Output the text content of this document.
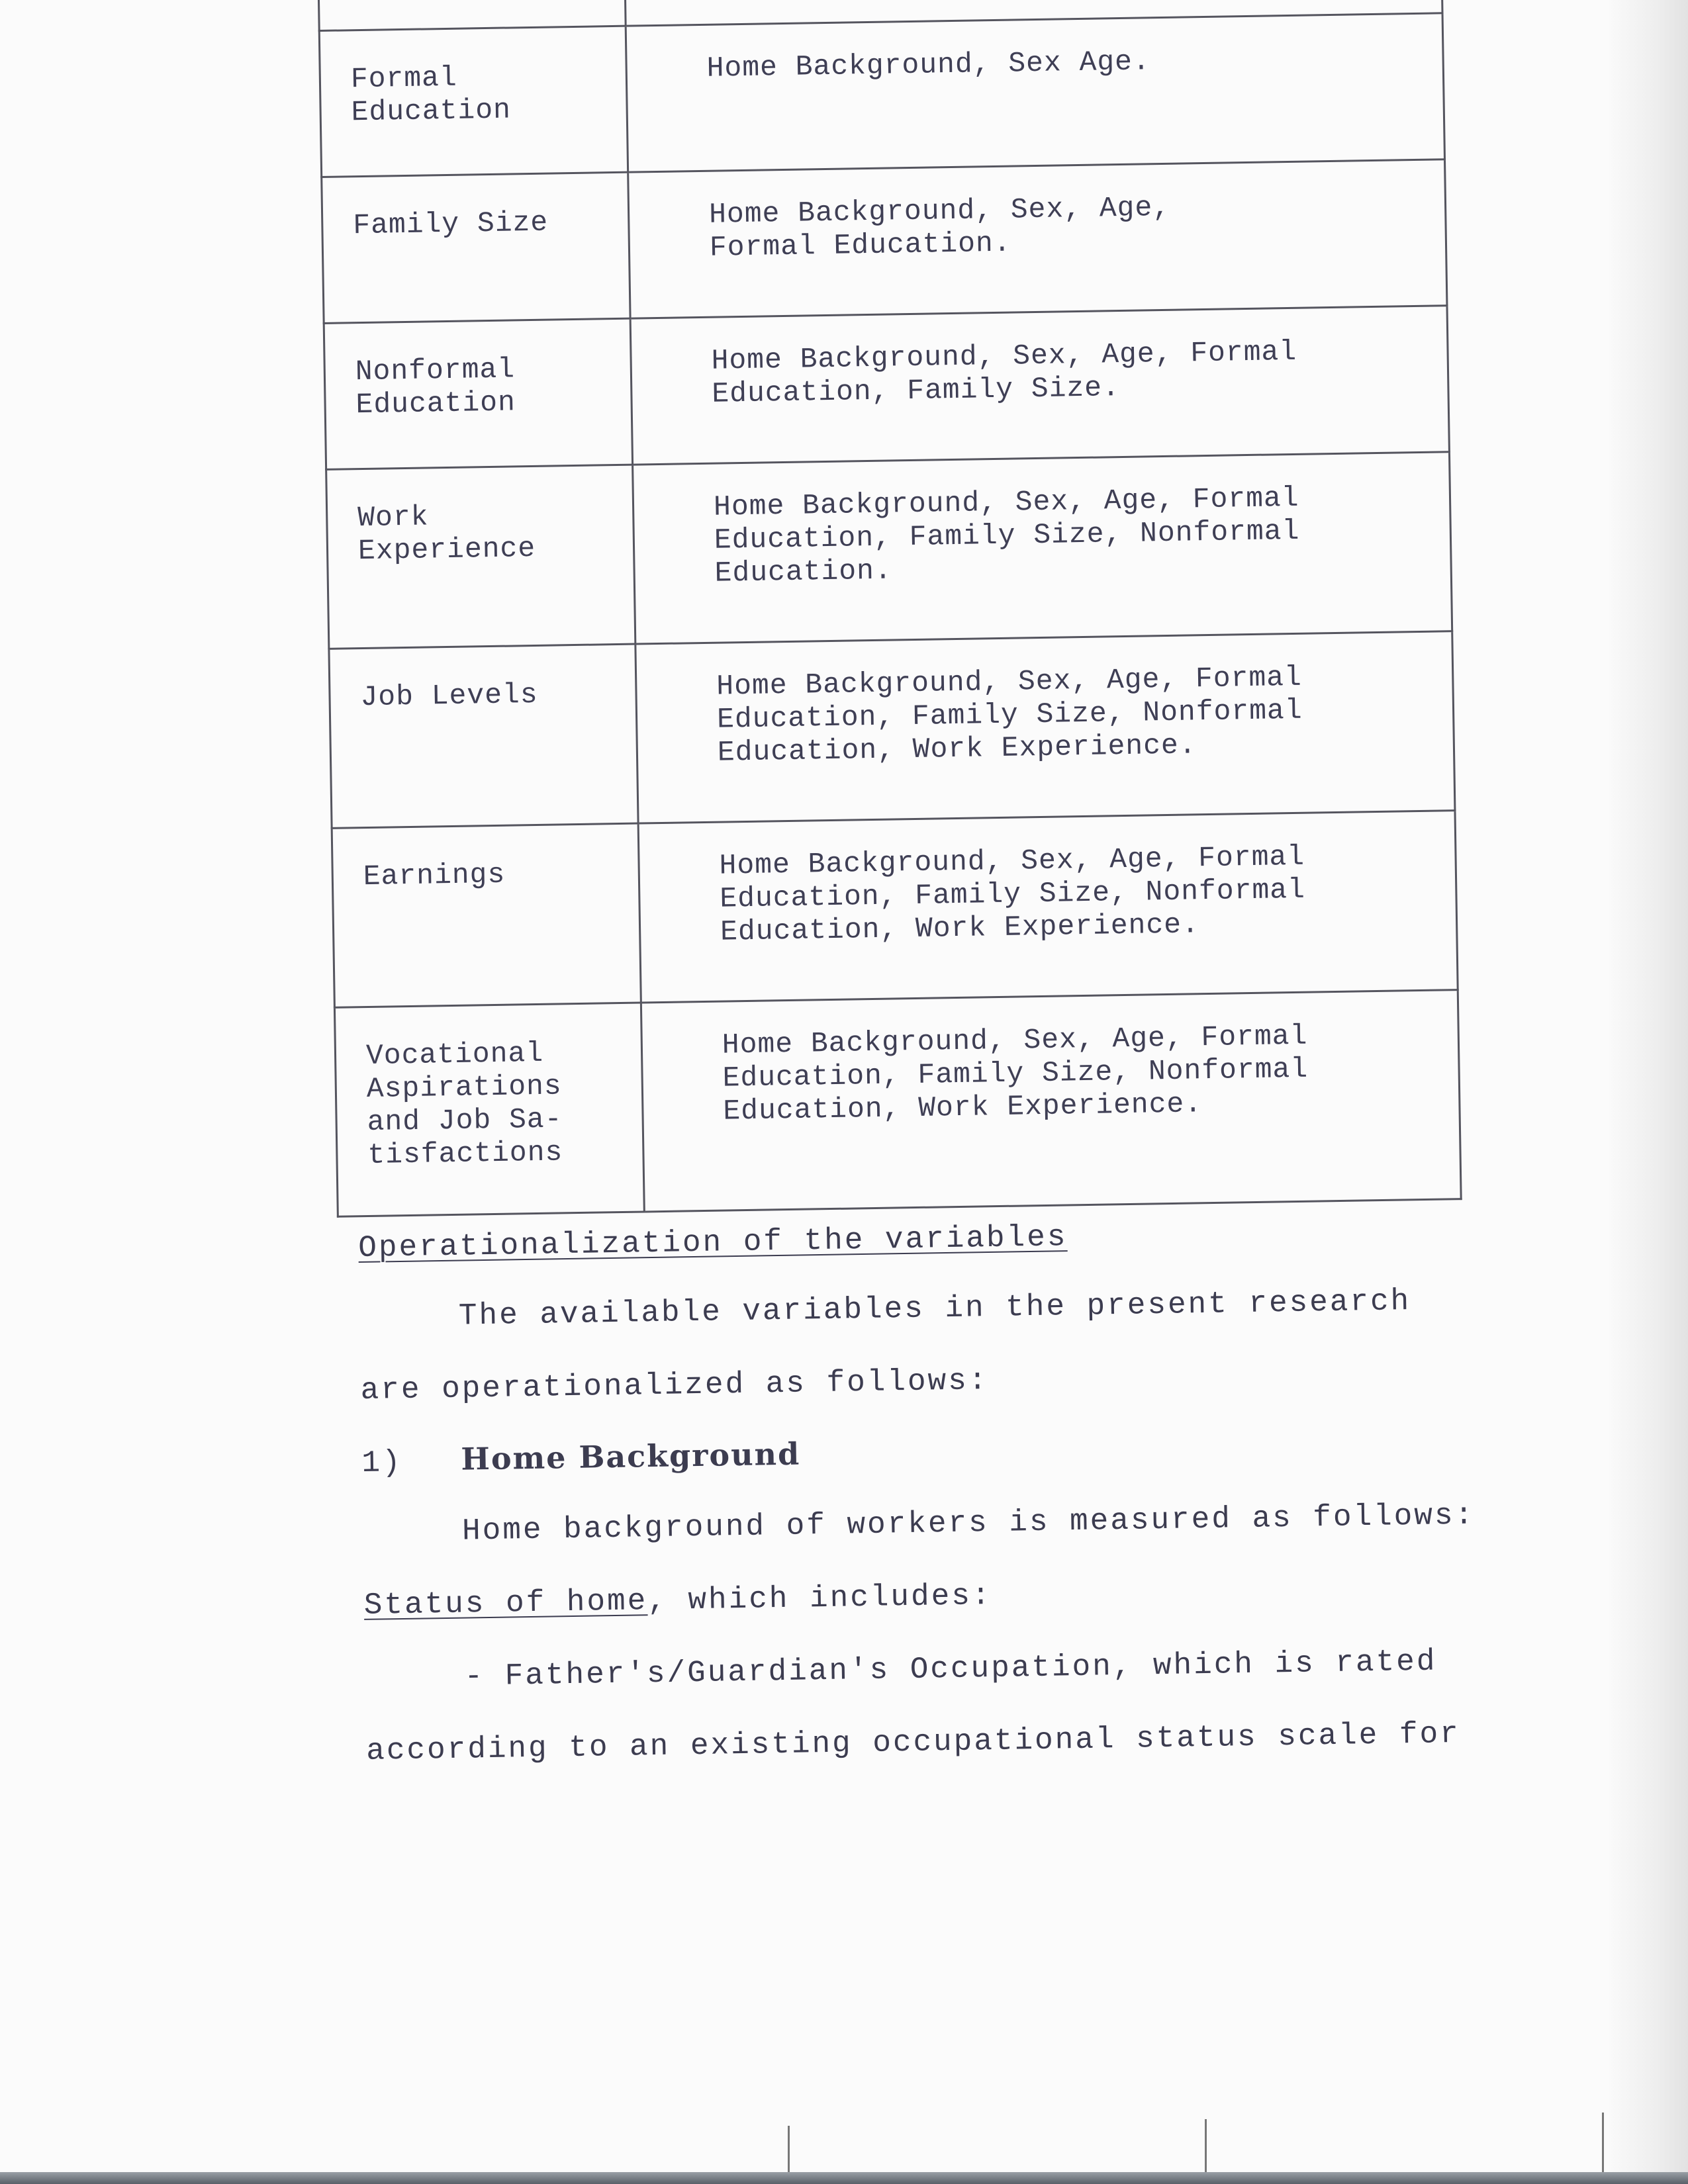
Formal
Education	Home Background, Sex Age.

Family Size	Home Background, Sex, Age,
Formal Education.

Nonformal
Education	Home Background, Sex, Age, Formal
Education, Family Size.

Work
Experience	Home Background, Sex, Age, Formal
Education, Family Size, Nonformal
Education.

Job Levels	Home Background, Sex, Age, Formal
Education, Family Size, Nonformal
Education, Work Experience.

Earnings	Home Background, Sex, Age, Formal
Education, Family Size, Nonformal
Education, Work Experience.

Vocational
Aspirations
and Job Sa-
tisfactions	Home Background, Sex, Age, Formal
Education, Family Size, Nonformal
Education, Work Experience.
Operationalization of the variables
The available variables in the present research
are operationalized as follows:
1) Home Background
Home background of workers is measured as follows:
Status of home, which includes:
- Father's/Guardian's Occupation, which is rated
according to an existing occupational status scale for
